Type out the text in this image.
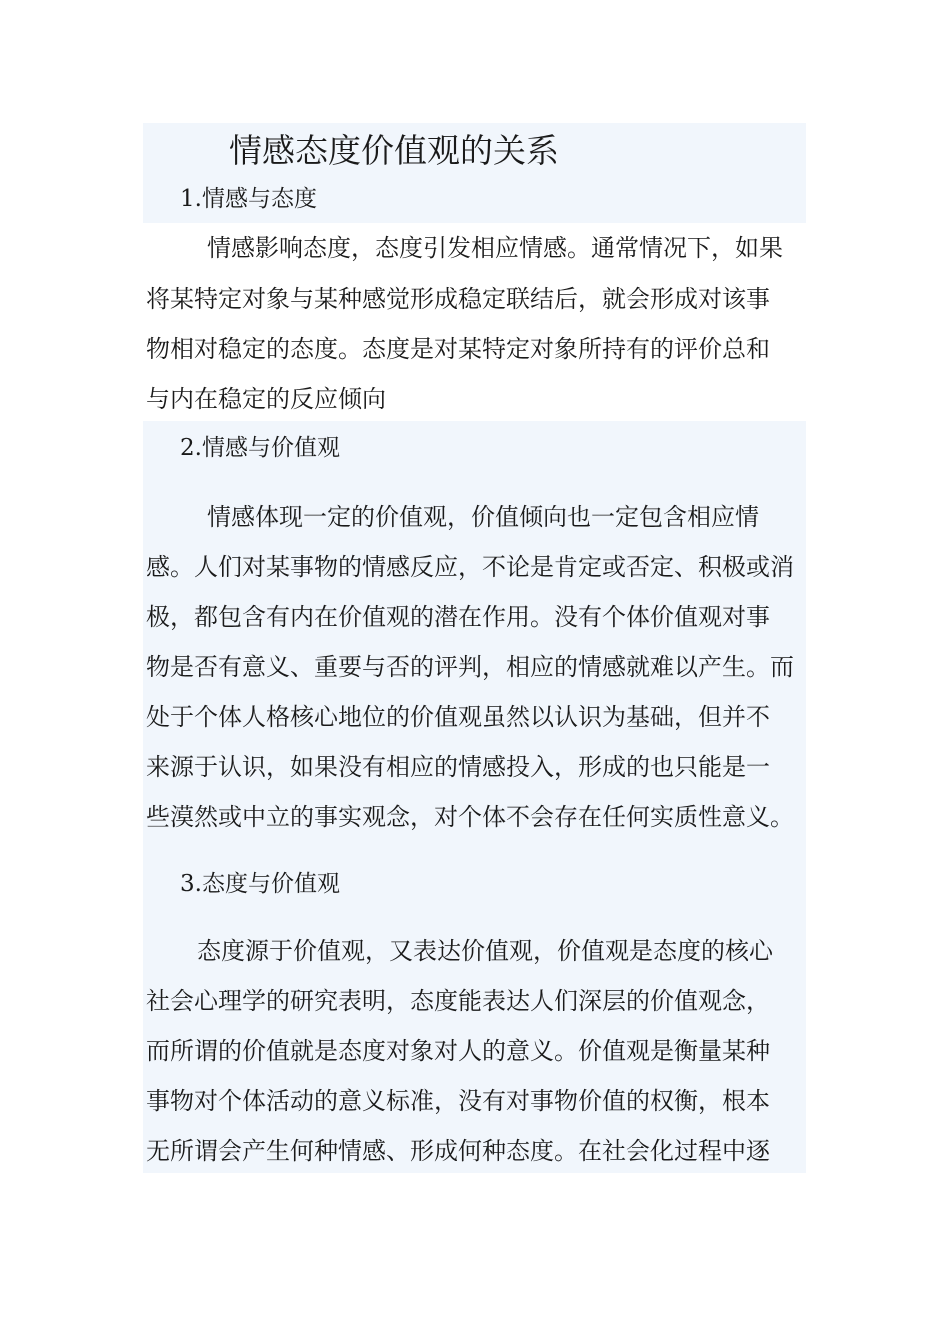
情感态度价值观的关系
1.情感与态度
情感影响态度，态度引发相应情感。通常情况下，如果
将某特定对象与某种感觉形成稳定联结后，就会形成对该事
物相对稳定的态度。态度是对某特定对象所持有的评价总和
与内在稳定的反应倾向
2.情感与价值观
情感体现一定的价值观，价值倾向也一定包含相应情
感。人们对某事物的情感反应，不论是肯定或否定、积极或消
极，都包含有内在价值观的潜在作用。没有个体价值观对事
物是否有意义、重要与否的评判，相应的情感就难以产生。而
处于个体人格核心地位的价值观虽然以认识为基础，但并不
来源于认识，如果没有相应的情感投入，形成的也只能是一
些漠然或中立的事实观念，对个体不会存在任何实质性意义。
3.态度与价值观
态度源于价值观，又表达价值观，价值观是态度的核心
社会心理学的研究表明，态度能表达人们深层的价值观念，
而所谓的价值就是态度对象对人的意义。价值观是衡量某种
事物对个体活动的意义标准，没有对事物价值的权衡，根本
无所谓会产生何种情感、形成何种态度。在社会化过程中逐
